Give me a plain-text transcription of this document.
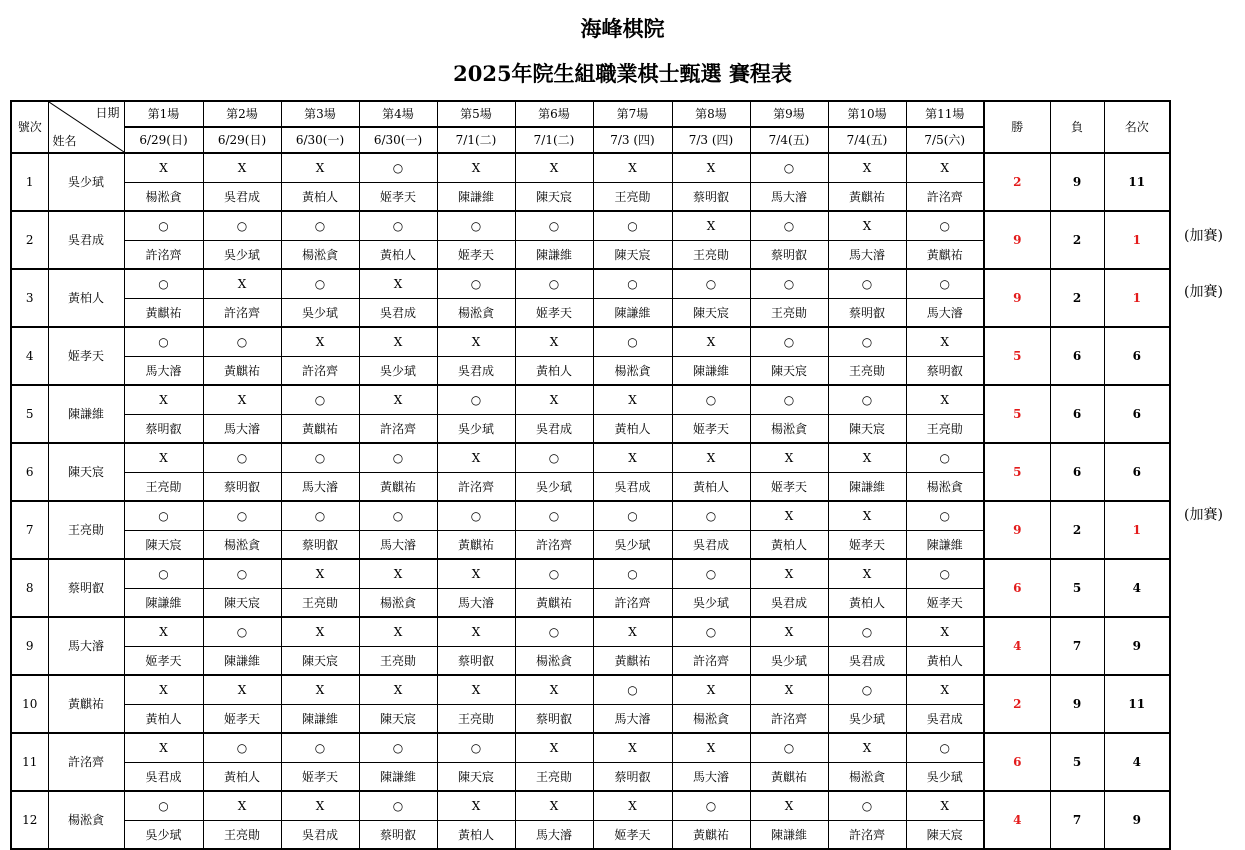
海峰棋院
2025年院生組職業棋士甄選 賽程表
號次	日期
姓名	第1場	第2場	第3場	第4場	第5場	第6場	第7場	第8場	第9場	第10場	第11場	勝	負	名次
		6/29(日)	6/29(日)	6/30(一)	6/30(一)	7/1(二)	7/1(二)	7/3 (四)	7/3 (四)	7/4(五)	7/4(五)	7/5(六)			
1	吳少珷	X	X	X	○	X	X	X	X	○	X	X	2	9	11
		楊淞貪	吳君成	黃柏人	姬孝天	陳謙維	陳天宸	王亮勛	蔡明叡	馬大濬	黃麒祐	許洺齊			
2	吳君成	○	○	○	○	○	○	○	X	○	X	○	9	2	1
		許洺齊	吳少珷	楊淞貪	黃柏人	姬孝天	陳謙維	陳天宸	王亮勛	蔡明叡	馬大濬	黃麒祐			
3	黃柏人	○	X	○	X	○	○	○	○	○	○	○	9	2	1
		黃麒祐	許洺齊	吳少珷	吳君成	楊淞貪	姬孝天	陳謙維	陳天宸	王亮勛	蔡明叡	馬大濬			
4	姬孝天	○	○	X	X	X	X	○	X	○	○	X	5	6	6
		馬大濬	黃麒祐	許洺齊	吳少珷	吳君成	黃柏人	楊淞貪	陳謙維	陳天宸	王亮勛	蔡明叡			
5	陳謙維	X	X	○	X	○	X	X	○	○	○	X	5	6	6
		蔡明叡	馬大濬	黃麒祐	許洺齊	吳少珷	吳君成	黃柏人	姬孝天	楊淞貪	陳天宸	王亮勛			
6	陳天宸	X	○	○	○	X	○	X	X	X	X	○	5	6	6
		王亮勛	蔡明叡	馬大濬	黃麒祐	許洺齊	吳少珷	吳君成	黃柏人	姬孝天	陳謙維	楊淞貪			
7	王亮勛	○	○	○	○	○	○	○	○	X	X	○	9	2	1
		陳天宸	楊淞貪	蔡明叡	馬大濬	黃麒祐	許洺齊	吳少珷	吳君成	黃柏人	姬孝天	陳謙維			
8	蔡明叡	○	○	X	X	X	○	○	○	X	X	○	6	5	4
		陳謙維	陳天宸	王亮勛	楊淞貪	馬大濬	黃麒祐	許洺齊	吳少珷	吳君成	黃柏人	姬孝天			
9	馬大濬	X	○	X	X	X	○	X	○	X	○	X	4	7	9
		姬孝天	陳謙維	陳天宸	王亮勛	蔡明叡	楊淞貪	黃麒祐	許洺齊	吳少珷	吳君成	黃柏人			
10	黃麒祐	X	X	X	X	X	X	○	X	X	○	X	2	9	11
		黃柏人	姬孝天	陳謙維	陳天宸	王亮勛	蔡明叡	馬大濬	楊淞貪	許洺齊	吳少珷	吳君成			
11	許洺齊	X	○	○	○	○	X	X	X	○	X	○	6	5	4
		吳君成	黃柏人	姬孝天	陳謙維	陳天宸	王亮勛	蔡明叡	馬大濬	黃麒祐	楊淞貪	吳少珷			
12	楊淞貪	○	X	X	○	X	X	X	○	X	○	X	4	7	9
		吳少珷	王亮勛	吳君成	蔡明叡	黃柏人	馬大濬	姬孝天	黃麒祐	陳謙維	許洺齊	陳天宸			
(加賽)
(加賽)
(加賽)
